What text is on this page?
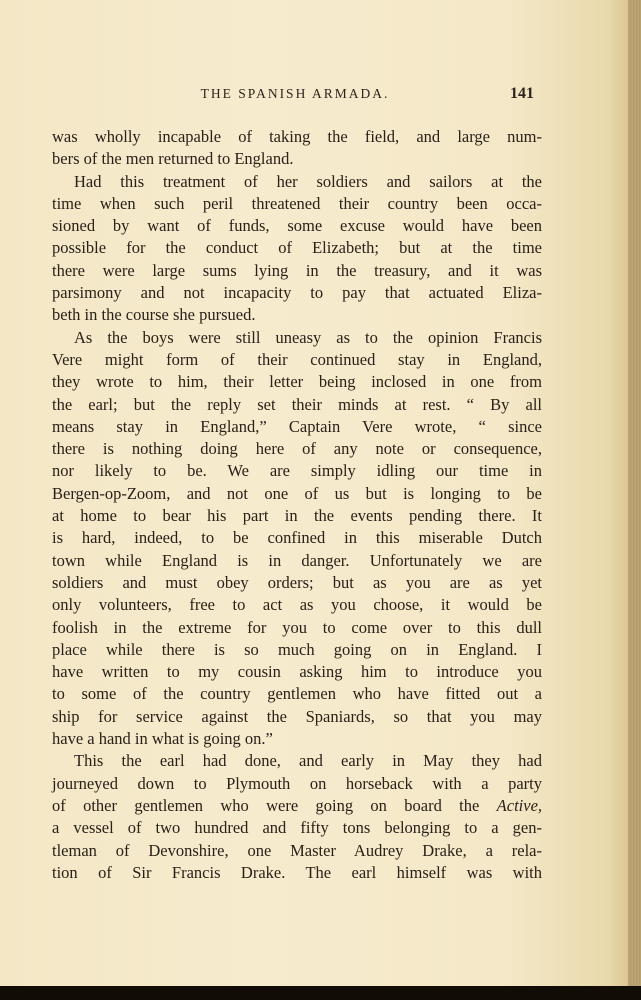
THE SPANISH ARMADA.	141
was wholly incapable of taking the field, and large num-
bers of the men returned to England.
Had this treatment of her soldiers and sailors at the
time when such peril threatened their country been occa-
sioned by want of funds, some excuse would have been
possible for the conduct of Elizabeth; but at the time
there were large sums lying in the treasury, and it was
parsimony and not incapacity to pay that actuated Eliza-
beth in the course she pursued.
As the boys were still uneasy as to the opinion Francis
Vere might form of their continued stay in England,
they wrote to him, their letter being inclosed in one from
the earl; but the reply set their minds at rest. “ By all
means stay in England,” Captain Vere wrote, “ since
there is nothing doing here of any note or consequence,
nor likely to be. We are simply idling our time in
Bergen-op-Zoom, and not one of us but is longing to be
at home to bear his part in the events pending there. It
is hard, indeed, to be confined in this miserable Dutch
town while England is in danger. Unfortunately we are
soldiers and must obey orders; but as you are as yet
only volunteers, free to act as you choose, it would be
foolish in the extreme for you to come over to this dull
place while there is so much going on in England. I
have written to my cousin asking him to introduce you
to some of the country gentlemen who have fitted out a
ship for service against the Spaniards, so that you may
have a hand in what is going on.”
This the earl had done, and early in May they had
journeyed down to Plymouth on horseback with a party
of other gentlemen who were going on board the Active,
a vessel of two hundred and fifty tons belonging to a gen-
tleman of Devonshire, one Master Audrey Drake, a rela-
tion of Sir Francis Drake. The earl himself was with
